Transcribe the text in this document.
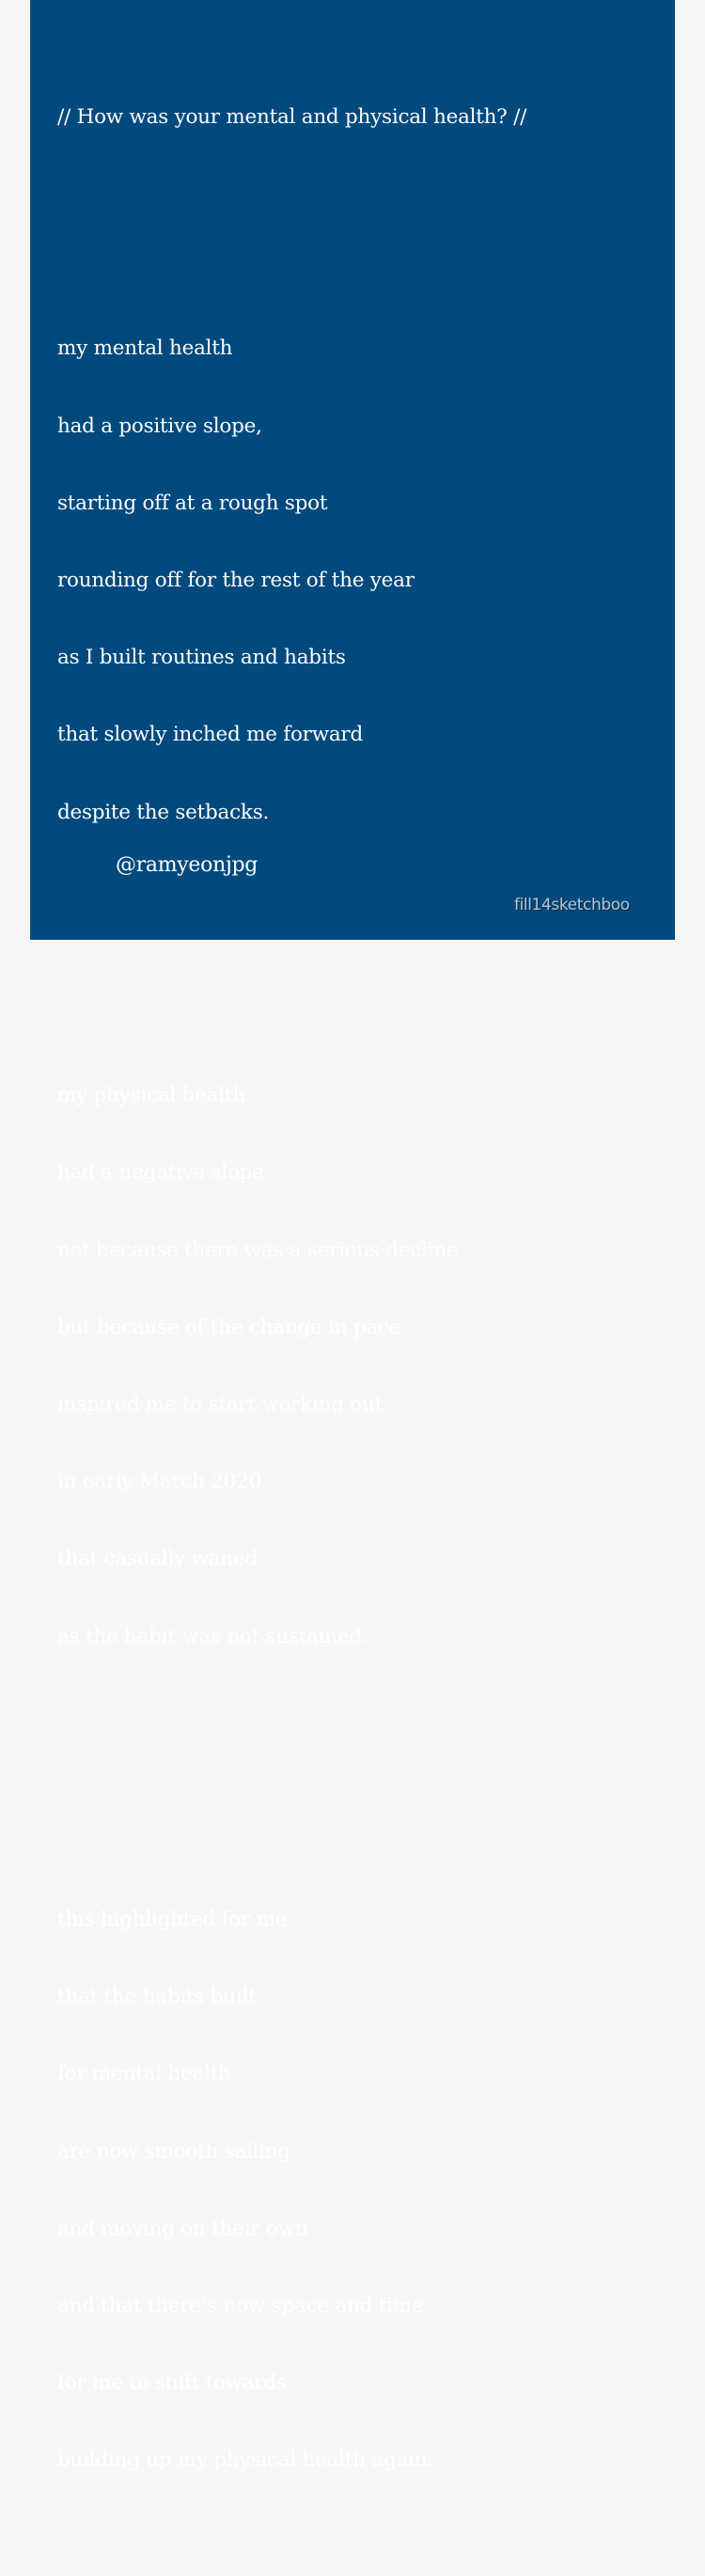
// How was your mental and physical health? //

my mental health

had a positive slope,

starting off at a rough spot

rounding off for the rest of the year

as I built routines and habits

that slowly inched me forward

despite the setbacks.

my physical health

had a negative slope

not because there was a serious decline

but because of the change in pace

inspired me to start working out

in early March 2020

that casually waned

as the habit was not sustained.

this highlighted for me

that the habits built

for mental health

are now smooth sailing

and moving on their own

and that there’s now space and time

for me to shift towards

building up my physical health again.

@ramyeonjpg
fill14sketchboo
